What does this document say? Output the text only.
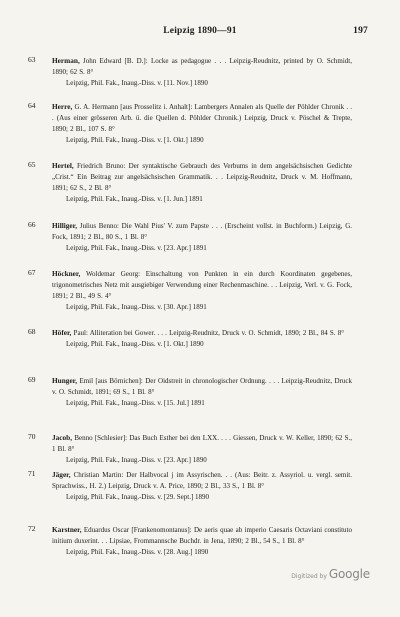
Leipzig 1890—91	197
63 Herman, John Edward [B. D.]: Locke as pedagogue . . . Leipzig-Reudnitz, printed by O. Schmidt, 1890; 62 S. 8°
Leipzig, Phil. Fak., Inaug.-Diss. v. [11. Nov.] 1890
64 Herre, G. A. Hermann [aus Prosselitz i. Anhalt]: Lambergers Annalen als Quelle der Pöhlder Chronik . . . (Aus einer grösseren Arb. ü. die Quellen d. Pöhlder Chronik.) Leipzig, Druck v. Pöschel & Trepte, 1890; 2 Bl., 107 S. 8°
Leipzig, Phil. Fak., Inaug.-Diss. v. [1. Okt.] 1890
65 Hertel, Friedrich Bruno: Der syntaktische Gebrauch des Verbums in dem angelsächsischen Gedichte „Crist.“ Ein Beitrag zur angelsächsischen Grammatik. . . Leipzig-Reudnitz, Druck v. M. Hoffmann, 1891; 62 S., 2 Bl. 8°
Leipzig, Phil. Fak., Inaug.-Diss. v. [1. Jun.] 1891
66 Hilliger, Julius Benno: Die Wahl Pius' V. zum Papste . . . (Erscheint vollst. in Buchform.) Leipzig, G. Fock, 1891; 2 Bl., 80 S., 1 Bl. 8°
Leipzig, Phil. Fak., Inaug.-Diss. v. [23. Apr.] 1891
67 Höckner, Woldemar Georg: Einschaltung von Punkten in ein durch Koordinaten gegebenes, trigonometrisches Netz mit ausgiebiger Verwendung einer Rechenmaschine. . . Leipzig, Verl. v. G. Fock, 1891; 2 Bl., 49 S. 4°
Leipzig, Phil. Fak., Inaug.-Diss. v. [30. Apr.] 1891
68 Höfer, Paul: Alliteration bei Gower. . . . Leipzig-Reudnitz, Druck v. O. Schmidt, 1890; 2 Bl., 84 S. 8°
Leipzig, Phil. Fak., Inaug.-Diss. v. [1. Okt.] 1890
69 Hunger, Emil [aus Börnichen]: Der Oidstreit in chronologischer Ordnung. . . . Leipzig-Reudnitz, Druck v. O. Schmidt, 1891; 69 S., 1 Bl. 8°
Leipzig, Phil. Fak., Inaug.-Diss. v. [15. Jul.] 1891
70 Jacob, Benno [Schlesier]: Das Buch Esther bei den LXX. . . . Giessen, Druck v. W. Keller, 1890; 62 S., 1 Bl. 8°
Leipzig, Phil. Fak., Inaug.-Diss. v. [23. Apr.] 1890
71 Jäger, Christian Martin: Der Halbvocal j im Assyrischen. . . (Aus: Beitr. z. Assyriol. u. vergl. semit. Sprachwiss., H. 2.) Leipzig, Druck v. A. Price, 1890; 2 Bl., 33 S., 1 Bl. 8°
Leipzig, Phil. Fak., Inaug.-Diss. v. [29. Sept.] 1890
72 Karstner, Eduardus Oscar [Frankenomontanus]: De aeris quae ab imperio Caesaris Octaviani constituto initium duxerint. . . Lipsiae, Frommannsche Buchdr. in Jena, 1890; 2 Bl., 54 S., 1 Bl. 8°
Leipzig, Phil. Fak., Inaug.-Diss. v. [28. Aug.] 1890
Digitized by Google
